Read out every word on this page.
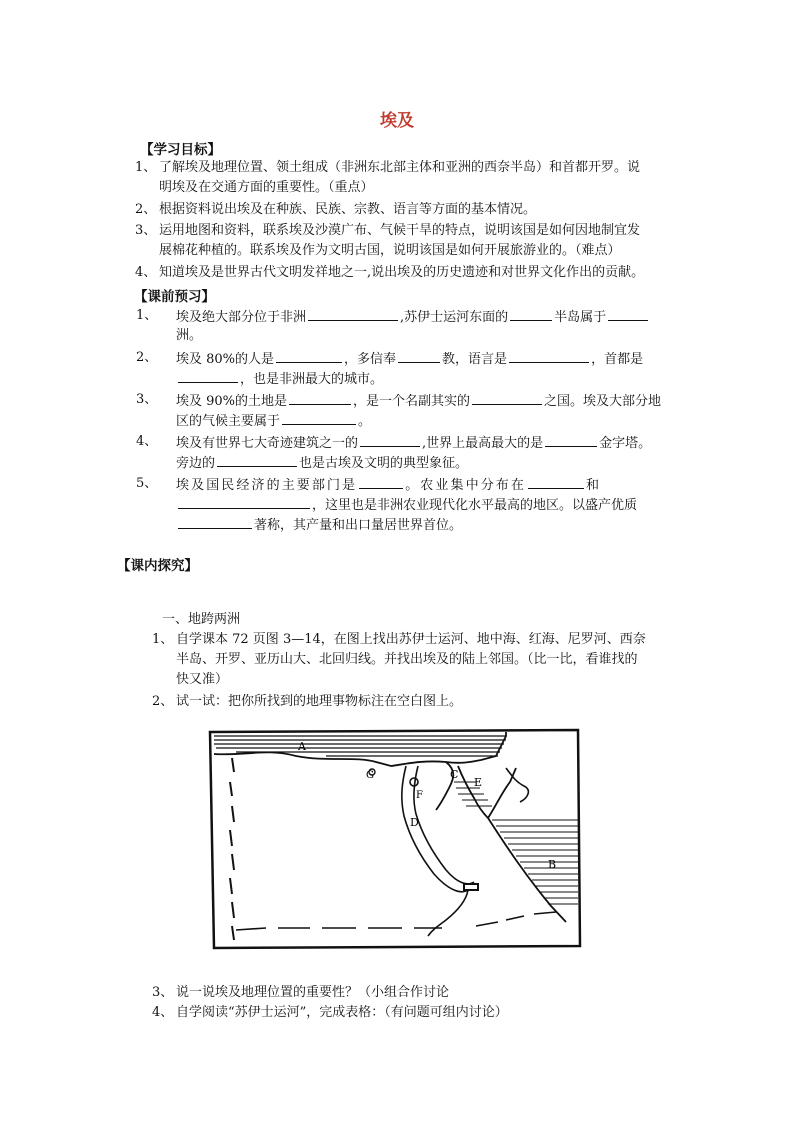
埃及
【学习目标】
1、 了解埃及地理位置、领土组成（非洲东北部主体和亚洲的西奈半岛）和首都开罗。说
明埃及在交通方面的重要性。（重点）
2、 根据资料说出埃及在种族、民族、宗教、语言等方面的基本情况。
3、 运用地图和资料，联系埃及沙漠广布、气候干旱的特点，说明该国是如何因地制宜发
展棉花种植的。联系埃及作为文明古国，说明该国是如何开展旅游业的。（难点）
4、 知道埃及是世界古代文明发祥地之一,说出埃及的历史遗迹和对世界文化作出的贡献。
【课前预习】
1、 埃及绝大部分位于非洲	,苏伊士运河东面的	半岛属于
洲。
2、 埃及 80%的人是	，多信奉	教，语言是	，首都是
，也是非洲最大的城市。
3、 埃及 90%的土地是	，是一个名副其实的	之国。埃及大部分地
区的气候主要属于	。
4、 埃及有世界七大奇迹建筑之一的	,世界上最高最大的是	金字塔。
旁边的	也是古埃及文明的典型象征。
5、 埃及国民经济的主要部门是	。农业集中分布在	和
，这里也是非洲农业现代化水平最高的地区。以盛产优质
著称，其产量和出口量居世界首位。
【课内探究】
一、地跨两洲
1、 自学课本 72 页图 3—14，在图上找出苏伊士运河、地中海、红海、尼罗河、西奈
半岛、开罗、亚历山大、北回归线。并找出埃及的陆上邻国。（比一比，看谁找的
快又准）
2、 试一试：把你所找到的地理事物标注在空白图上。
A
B
C
D
E
F
G
3、 说一说埃及地理位置的重要性？（小组合作讨论
4、 自学阅读“苏伊士运河”，完成表格：（有问题可组内讨论）
